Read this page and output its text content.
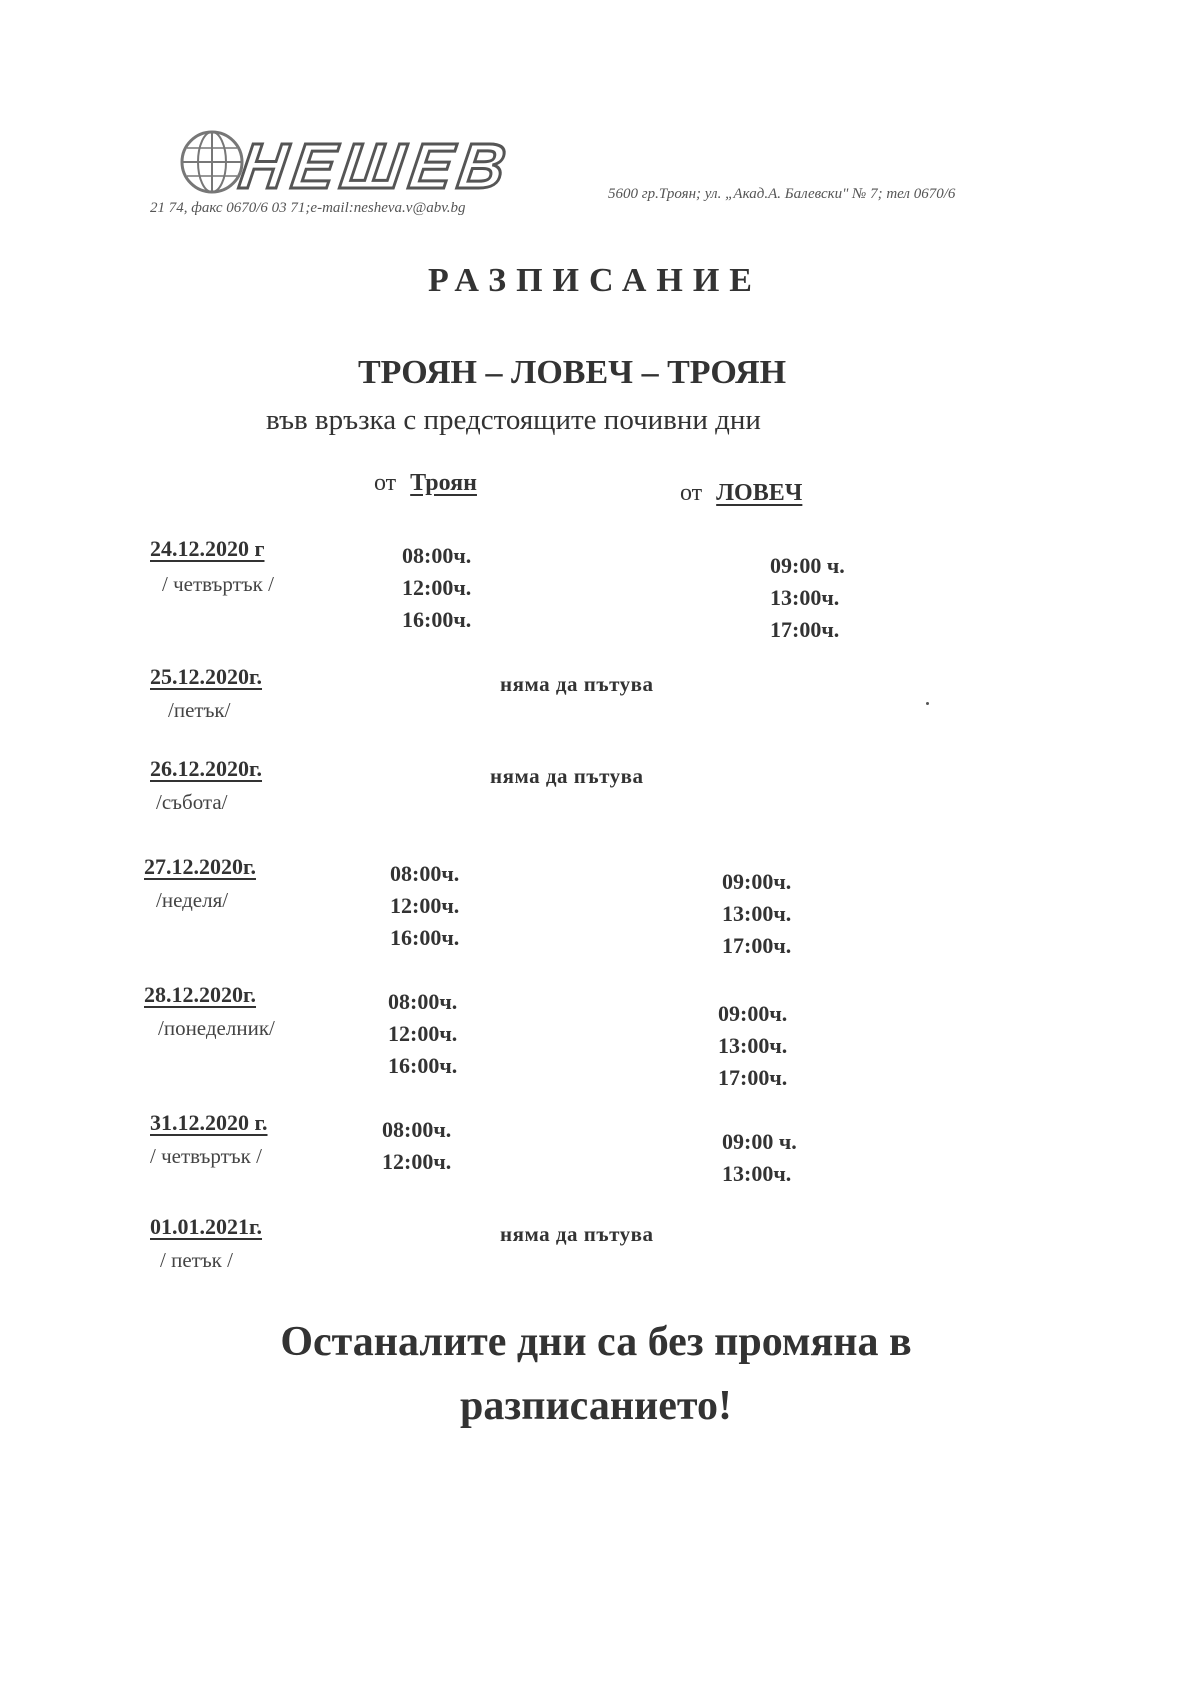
НЕШЕВ	5600 гр.Троян; ул. „Акад.А. Балевски" № 7; тел 0670/6
21 74, факс 0670/6 03 71;e-mail:nesheva.v@abv.bg
РАЗПИСАНИЕ
ТРОЯН – ЛОВЕЧ – ТРОЯН
във връзка с предстоящите почивни дни
от Троян	от ЛОВЕЧ
24.12.2020 г
/ четвъртък /
08:00ч.
12:00ч.
16:00ч.
09:00 ч.
13:00ч.
17:00ч.
25.12.2020г.
/петък/
няма да пътува
26.12.2020г.
/събота/
няма да пътува
27.12.2020г.
/неделя/
08:00ч.
12:00ч.
16:00ч.
09:00ч.
13:00ч.
17:00ч.
28.12.2020г.
/понеделник/
08:00ч.
12:00ч.
16:00ч.
09:00ч.
13:00ч.
17:00ч.
31.12.2020 г.
/ четвъртък /
08:00ч.
12:00ч.
09:00 ч.
13:00ч.
01.01.2021г.
/ петък /
няма да пътува
Останалите дни са без промяна в
разписанието!
